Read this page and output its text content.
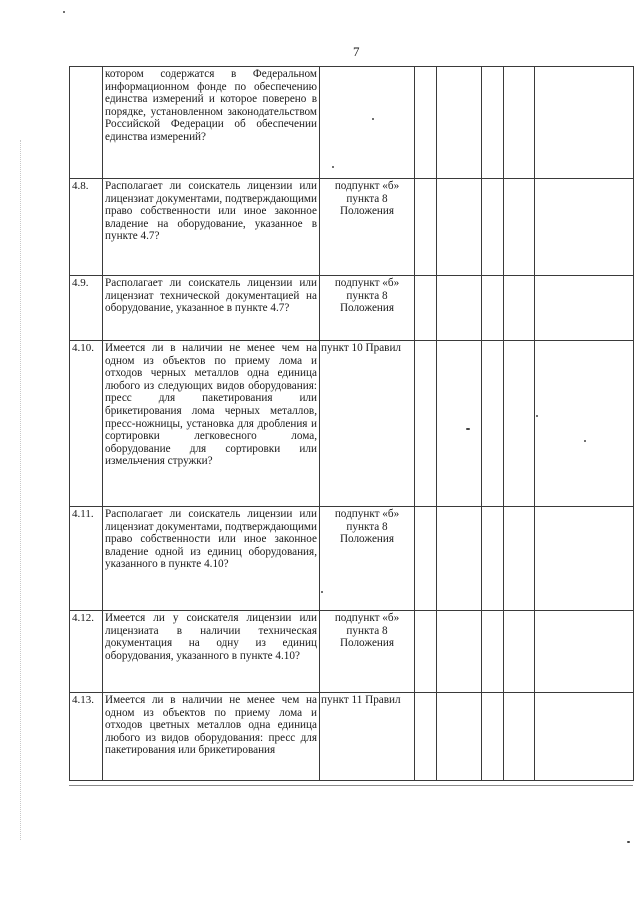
7

	котором содержатся в Федеральном информационном фонде по обеспечению единства измерений и которое поверено в порядке, установленном законодательством Российской Федерации об обеспечении единства измерений?						

4.8.	Располагает ли соискатель лицензии или лицензиат документами, подтверждающими право собственности или иное законное владение на оборудование, указанное в пункте 4.7?	подпункт «б» пункта 8 Положения					
4.9.	Располагает ли соискатель лицензии или лицензиат технической документацией на оборудование, указанное в пункте 4.7?	подпункт «б» пункта 8 Положения					
4.10.	Имеется ли в наличии не менее чем на одном из объектов по приему лома и отходов черных металлов одна единица любого из следующих видов оборудования: пресс для пакетирования или брикетирования лома черных металлов, пресс-ножницы, установка для дробления и сортировки легковесного лома, оборудование для сортировки или измельчения стружки?	пункт 10 Правил					
4.11.	Располагает ли соискатель лицензии или лицензиат документами, подтверждающими право собственности или иное законное владение одной из единиц оборудования, указанного в пункте 4.10?	подпункт «б» пункта 8 Положения					
4.12.	Имеется ли у соискателя лицензии или лицензиата в наличии техническая документация на одну из единиц оборудования, указанного в пункте 4.10?	подпункт «б» пункта 8 Положения					
4.13.	Имеется ли в наличии не менее чем на одном из объектов по приему лома и отходов цветных металлов одна единица любого из видов оборудования: пресс для пакетирования или брикетирования	пункт 11 Правил					
